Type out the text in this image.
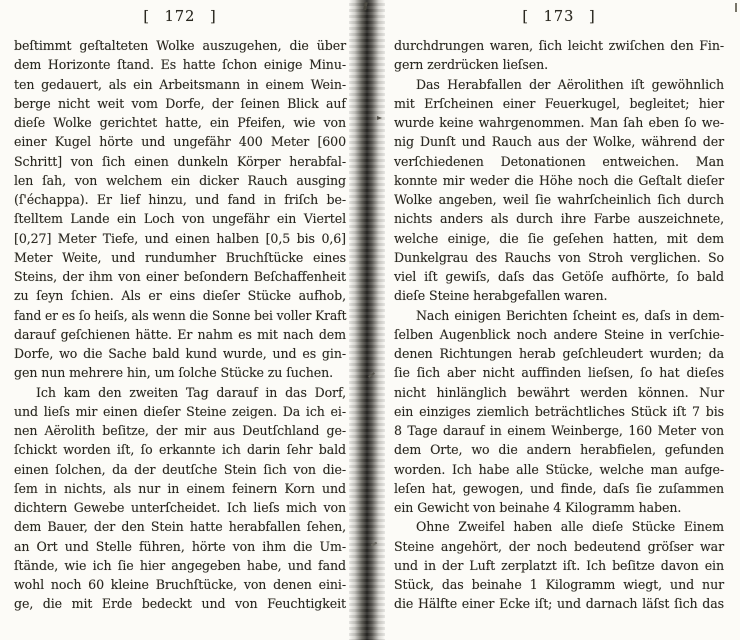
[ 172 ]
beſtimmt geſtalteten Wolke auszugehen, die über
dem Horizonte ſtand. Es hatte ſchon einige Minu-
ten gedauert, als ein Arbeitsmann in einem Wein-
berge nicht weit vom Dorfe, der ſeinen Blick auf
dieſe Wolke gerichtet hatte, ein Pfeifen, wie von
einer Kugel hörte und ungefähr 400 Meter [600
Schritt] von ſich einen dunkeln Körper herabfal-
len ſah, von welchem ein dicker Rauch ausging
(ſ'échappa). Er lief hinzu, und fand in friſch be-
ſtelltem Lande ein Loch von ungefähr ein Viertel
[0,27] Meter Tiefe, und einen halben [0,5 bis 0,6]
Meter Weite, und rundumher Bruchſtücke eines
Steins, der ihm von einer beſondern Beſchaffenheit
zu ſeyn ſchien. Als er eins dieſer Stücke aufhob,
fand er es ſo heiſs, als wenn die Sonne bei voller Kraft
darauf geſchienen hätte. Er nahm es mit nach dem
Dorfe, wo die Sache bald kund wurde, und es gin-
gen nun mehrere hin, um ſolche Stücke zu ſuchen.
Ich kam den zweiten Tag darauf in das Dorf,
und lieſs mir einen dieſer Steine zeigen. Da ich ei-
nen Aërolith beſitze, der mir aus Deutſchland ge-
ſchickt worden iſt, ſo erkannte ich darin ſehr bald
einen ſolchen, da der deutſche Stein ſich von die-
ſem in nichts, als nur in einem feinern Korn und
dichtern Gewebe unterſcheidet. Ich lieſs mich von
dem Bauer, der den Stein hatte herabfallen ſehen,
an Ort und Stelle führen, hörte von ihm die Um-
ſtände, wie ich ſie hier angegeben habe, und fand
wohl noch 60 kleine Bruchſtücke, von denen eini-
ge, die mit Erde bedeckt und von Feuchtigkeit
[ 173 ]
durchdrungen waren, ſich leicht zwiſchen den Fin-
gern zerdrücken lieſsen.
Das Herabfallen der Aërolithen iſt gewöhnlich
mit Erſcheinen einer Feuerkugel, begleitet; hier
wurde keine wahrgenommen. Man ſah eben ſo we-
nig Dunſt und Rauch aus der Wolke, während der
verſchiedenen Detonationen entweichen. Man
konnte mir weder die Höhe noch die Geſtalt dieſer
Wolke angeben, weil ſie wahrſcheinlich ſich durch
nichts anders als durch ihre Farbe auszeichnete,
welche einige, die ſie geſehen hatten, mit dem
Dunkelgrau des Rauchs von Stroh verglichen. So
viel iſt gewiſs, daſs das Getöſe aufhörte, ſo bald
dieſe Steine herabgefallen waren.
Nach einigen Berichten ſcheint es, daſs in dem-
ſelben Augenblick noch andere Steine in verſchie-
denen Richtungen herab geſchleudert wurden; da
ſie ſich aber nicht auffinden lieſsen, ſo hat dieſes
nicht hinlänglich bewährt werden können. Nur
ein einziges ziemlich beträchtliches Stück iſt 7 bis
8 Tage darauf in einem Weinberge, 160 Meter von
dem Orte, wo die andern herabfielen, gefunden
worden. Ich habe alle Stücke, welche man aufge-
leſen hat, gewogen, und finde, daſs ſie zuſammen
ein Gewicht von beinahe 4 Kilogramm haben.
Ohne Zweifel haben alle dieſe Stücke Einem
Steine angehört, der noch bedeutend gröſser war
und in der Luft zerplatzt iſt. Ich beſitze davon ein
Stück, das beinahe 1 Kilogramm wiegt, und nur
die Hälfte einer Ecke iſt; und darnach läſst ſich das
